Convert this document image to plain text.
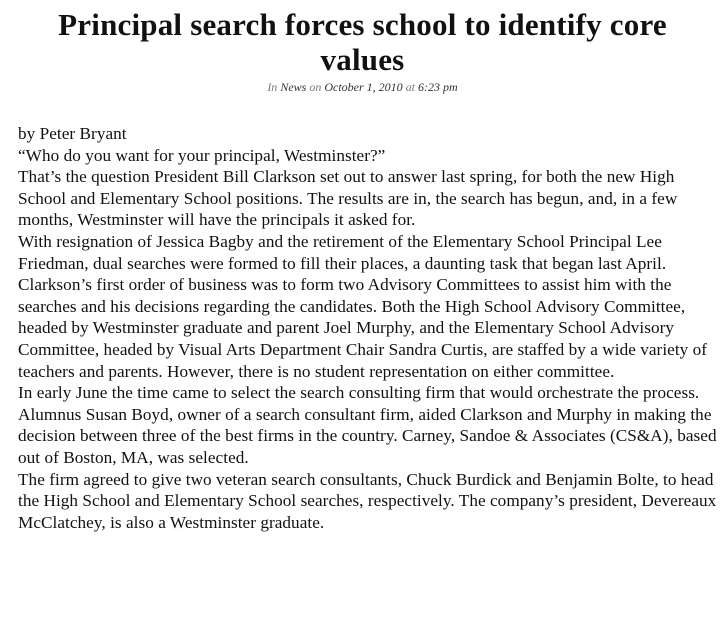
Principal search forces school to identify core values
In News on October 1, 2010 at 6:23 pm

by Peter Bryant

“Who do you want for your principal, Westminster?”

That’s the question President Bill Clarkson set out to answer last spring, for both the new High School and Elementary School positions. The results are in, the search has begun, and, in a few months, Westminster will have the principals it asked for.

With resignation of Jessica Bagby and the retirement of the Elementary School Principal Lee Friedman, dual searches were formed to fill their places, a daunting task that began last April.

Clarkson’s first order of business was to form two Advisory Committees to assist him with the searches and his decisions regarding the candidates. Both the High School Advisory Committee, headed by Westminster graduate and parent Joel Murphy, and the Elementary School Advisory Committee, headed by Visual Arts Department Chair Sandra Curtis, are staffed by a wide variety of teachers and parents. However, there is no student representation on either committee.

In early June the time came to select the search consulting firm that would orchestrate the process. Alumnus Susan Boyd, owner of a search consultant firm, aided Clarkson and Murphy in making the decision between three of the best firms in the country. Carney, Sandoe & Associates (CS&A), based out of Boston, MA, was selected.

The firm agreed to give two veteran search consultants, Chuck Burdick and Benjamin Bolte, to head the High School and Elementary School searches, respectively. The company’s president, Devereaux McClatchey, is also a Westminster graduate.
